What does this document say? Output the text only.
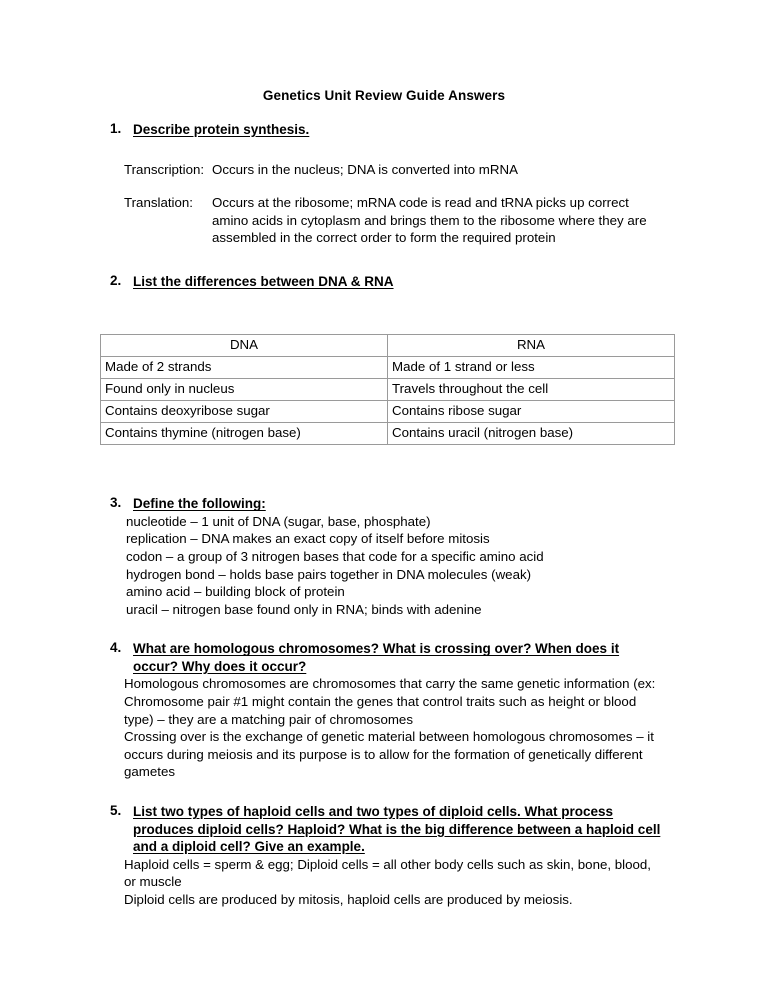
Genetics Unit Review Guide Answers
1. Describe protein synthesis.
Transcription: Occurs in the nucleus; DNA is converted into mRNA
Translation:	Occurs at the ribosome; mRNA code is read and tRNA picks up correct amino acids in cytoplasm and brings them to the ribosome where they are assembled in the correct order to form the required protein
2. List the differences between DNA & RNA
DNA	RNA
Made of 2 strands	Made of 1 strand or less
Found only in nucleus	Travels throughout the cell
Contains deoxyribose sugar	Contains ribose sugar
Contains thymine (nitrogen base)	Contains uracil (nitrogen base)
3. Define the following:
nucleotide – 1 unit of DNA (sugar, base, phosphate)
replication – DNA makes an exact copy of itself before mitosis
codon – a group of 3 nitrogen bases that code for a specific amino acid
hydrogen bond – holds base pairs together in DNA molecules (weak)
amino acid – building block of protein
uracil – nitrogen base found only in RNA; binds with adenine
4. What are homologous chromosomes? What is crossing over? When does it occur? Why does it occur?
Homologous chromosomes are chromosomes that carry the same genetic information (ex: Chromosome pair #1 might contain the genes that control traits such as height or blood type) – they are a matching pair of chromosomes
Crossing over is the exchange of genetic material between homologous chromosomes – it occurs during meiosis and its purpose is to allow for the formation of genetically different gametes
5. List two types of haploid cells and two types of diploid cells. What process produces diploid cells? Haploid? What is the big difference between a haploid cell and a diploid cell? Give an example.
Haploid cells = sperm & egg; Diploid cells = all other body cells such as skin, bone, blood, or muscle
Diploid cells are produced by mitosis, haploid cells are produced by meiosis.
